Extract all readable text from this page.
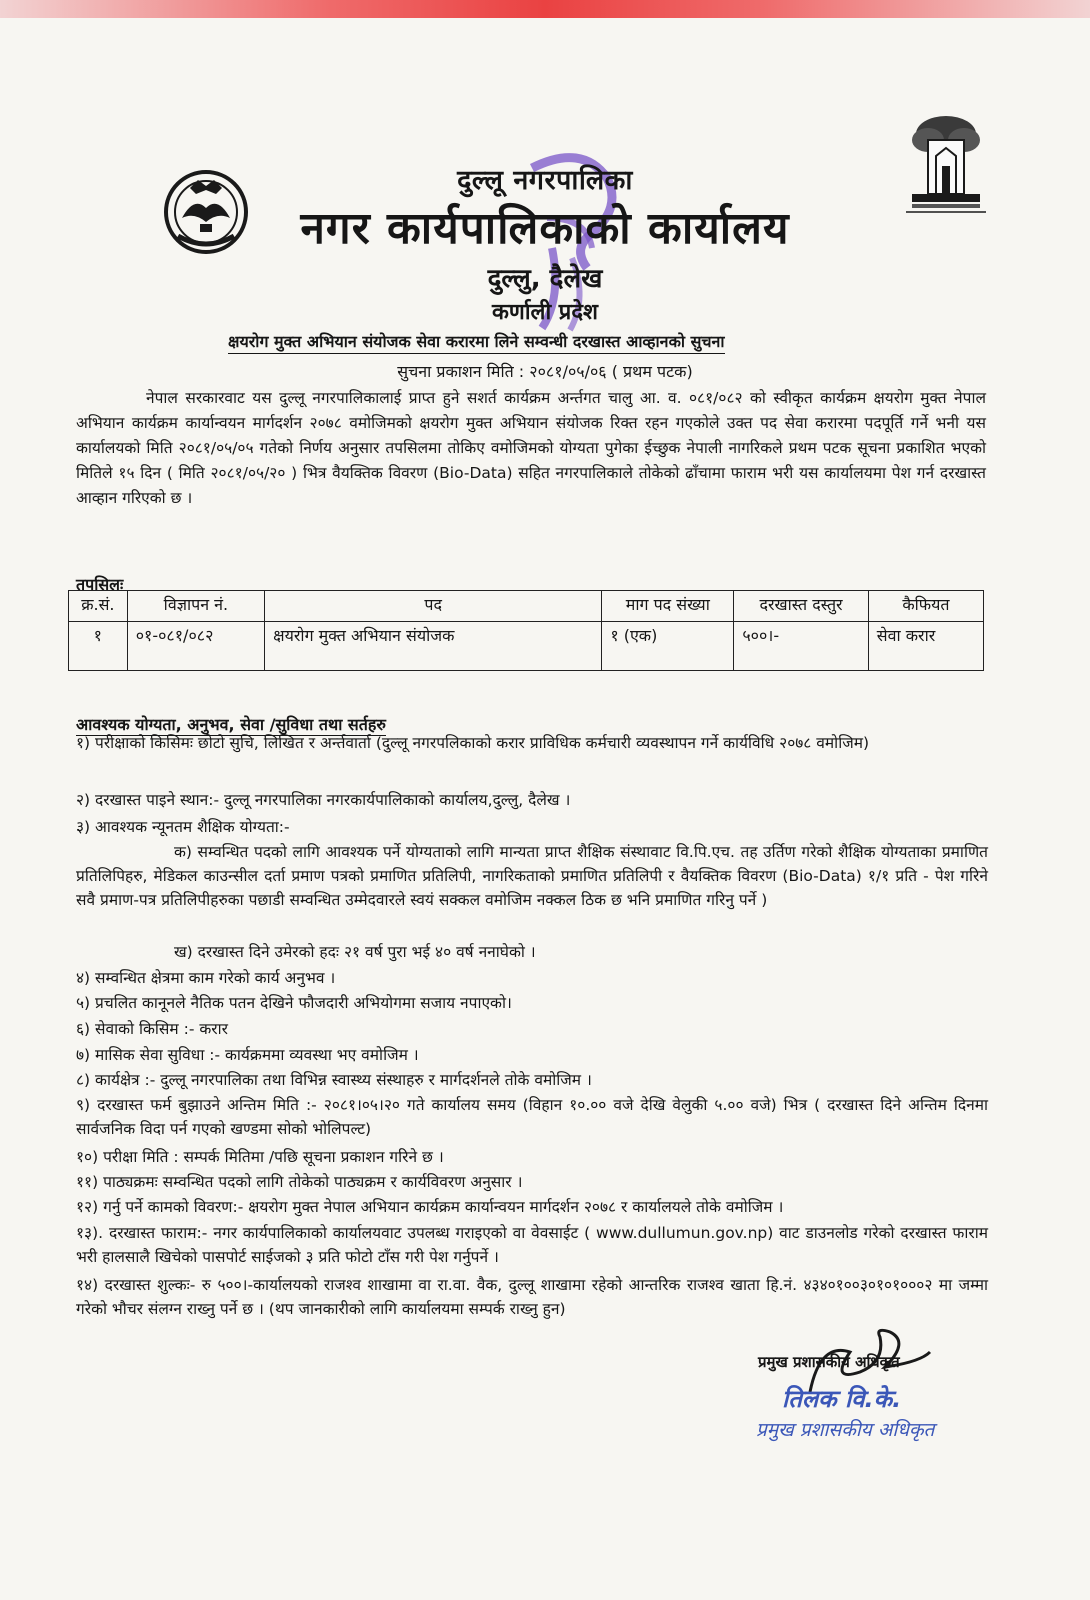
दुल्लू नगरपालिका
नगर कार्यपालिकाको कार्यालय
दुल्लु, दैलेख
कर्णाली प्रदेश
क्षयरोग मुक्त अभियान संयोजक सेवा करारमा लिने सम्वन्धी दरखास्त आव्हानको सुचना
सुचना प्रकाशन मिति : २०८१/०५/०६ ( प्रथम पटक)
नेपाल सरकारवाट यस दुल्लू नगरपालिकालाई प्राप्त हुने सशर्त कार्यक्रम अर्न्तगत चालु आ. व. ०८१/०८२ को स्वीकृत कार्यक्रम क्षयरोग मुक्त नेपाल अभियान कार्यक्रम कार्यान्वयन मार्गदर्शन २०७८ वमोजिमको क्षयरोग मुक्त अभियान संयोजक रिक्त रहन गएकोले उक्त पद सेवा करारमा पदपूर्ति गर्ने भनी यस कार्यालयको मिति २०८१/०५/०५ गतेको निर्णय अनुसार तपसिलमा तोकिए वमोजिमको योग्यता पुगेका ईच्छुक नेपाली नागरिकले प्रथम पटक सूचना प्रकाशित भएको मितिले १५ दिन ( मिति २०८१/०५/२० ) भित्र वैयक्तिक विवरण (Bio-Data) सहित नगरपालिकाले तोकेको ढाँचामा फाराम भरी यस कार्यालयमा पेश गर्न दरखास्त आव्हान गरिएको छ ।
तपसिलः
क्र.सं.	विज्ञापन नं.	पद	माग पद संख्या	दरखास्त दस्तुर	कैफियत
१	०१-०८१/०८२	क्षयरोग मुक्त अभियान संयोजक	१ (एक)	५००।-	सेवा करार
आवश्यक योग्यता, अनुभव, सेवा /सुविधा तथा सर्तहरु
१) परीक्षाको किसिमः छोटो सुचि, लिखित र अर्न्तवार्ता (दुल्लू नगरपलिकाको करार प्राविधिक कर्मचारी व्यवस्थापन गर्ने कार्यविधि २०७८ वमोजिम)
२) दरखास्त पाइने स्थान:- दुल्लू नगरपालिका नगरकार्यपालिकाको कार्यालय,दुल्लु, दैलेख ।
३) आवश्यक न्यूनतम शैक्षिक योग्यता:-
क) सम्वन्धित पदको लागि आवश्यक पर्ने योग्यताको लागि मान्यता प्राप्त शैक्षिक संस्थावाट वि.पि.एच. तह उर्तिण गरेको शैक्षिक योग्यताका प्रमाणित प्रतिलिपिहरु, मेडिकल काउन्सील दर्ता प्रमाण पत्रको प्रमाणित प्रतिलिपी, नागरिकताको प्रमाणित प्रतिलिपी र वैयक्तिक विवरण (Bio-Data) १/१ प्रति - पेश गरिने सवै प्रमाण-पत्र प्रतिलिपीहरुका पछाडी सम्वन्धित उम्मेदवारले स्वयं सक्कल वमोजिम नक्कल ठिक छ भनि प्रमाणित गरिनु पर्ने )
ख) दरखास्त दिने उमेरको हदः २१ वर्ष पुरा भई ४० वर्ष ननाघेको ।
४) सम्वन्धित क्षेत्रमा काम गरेको कार्य अनुभव ।
५) प्रचलित कानूनले नैतिक पतन देखिने फौजदारी अभियोगमा सजाय नपाएको।
६) सेवाको किसिम :- करार
७) मासिक सेवा सुविधा :- कार्यक्रममा व्यवस्था भए वमोजिम ।
८) कार्यक्षेत्र :- दुल्लू नगरपालिका तथा विभिन्न स्वास्थ्य संस्थाहरु र मार्गदर्शनले तोके वमोजिम ।
९) दरखास्त फर्म बुझाउने अन्तिम मिति :- २०८१।०५।२० गते कार्यालय समय (विहान १०.०० वजे देखि वेलुकी ५.०० वजे) भित्र ( दरखास्त दिने अन्तिम दिनमा सार्वजनिक विदा पर्न गएको खण्डमा सोको भोलिपल्ट)
१०) परीक्षा मिति : सम्पर्क मितिमा /पछि सूचना प्रकाशन गरिने छ ।
११) पाठ्यक्रमः सम्वन्धित पदको लागि तोकेको पाठ्यक्रम र कार्यविवरण अनुसार ।
१२) गर्नु पर्ने कामको विवरण:- क्षयरोग मुक्त नेपाल अभियान कार्यक्रम कार्यान्वयन मार्गदर्शन २०७८ र कार्यालयले तोके वमोजिम ।
१३). दरखास्त फाराम:- नगर कार्यपालिकाको कार्यालयवाट उपलब्ध गराइएको वा वेवसाईट ( www.dullumun.gov.np) वाट डाउनलोड गरेको दरखास्त फाराम भरी हालसालै खिचेको पासपोर्ट साईजको ३ प्रति फोटो टाँस गरी पेश गर्नुपर्ने ।
१४) दरखास्त शुल्कः- रु ५००।-कार्यालयको राजश्व शाखामा वा रा.वा. वैक, दुल्लू शाखामा रहेको आन्तरिक राजश्व खाता हि.नं. ४३४०१००३०१०१०००२ मा जम्मा गरेको भौचर संलग्न राख्नु पर्ने छ । (थप जानकारीको लागि कार्यालयमा सम्पर्क राख्नु हुन)
प्रमुख प्रशासकीय अधिकृत
तिलक वि.के.
प्रमुख प्रशासकीय अधिकृत
